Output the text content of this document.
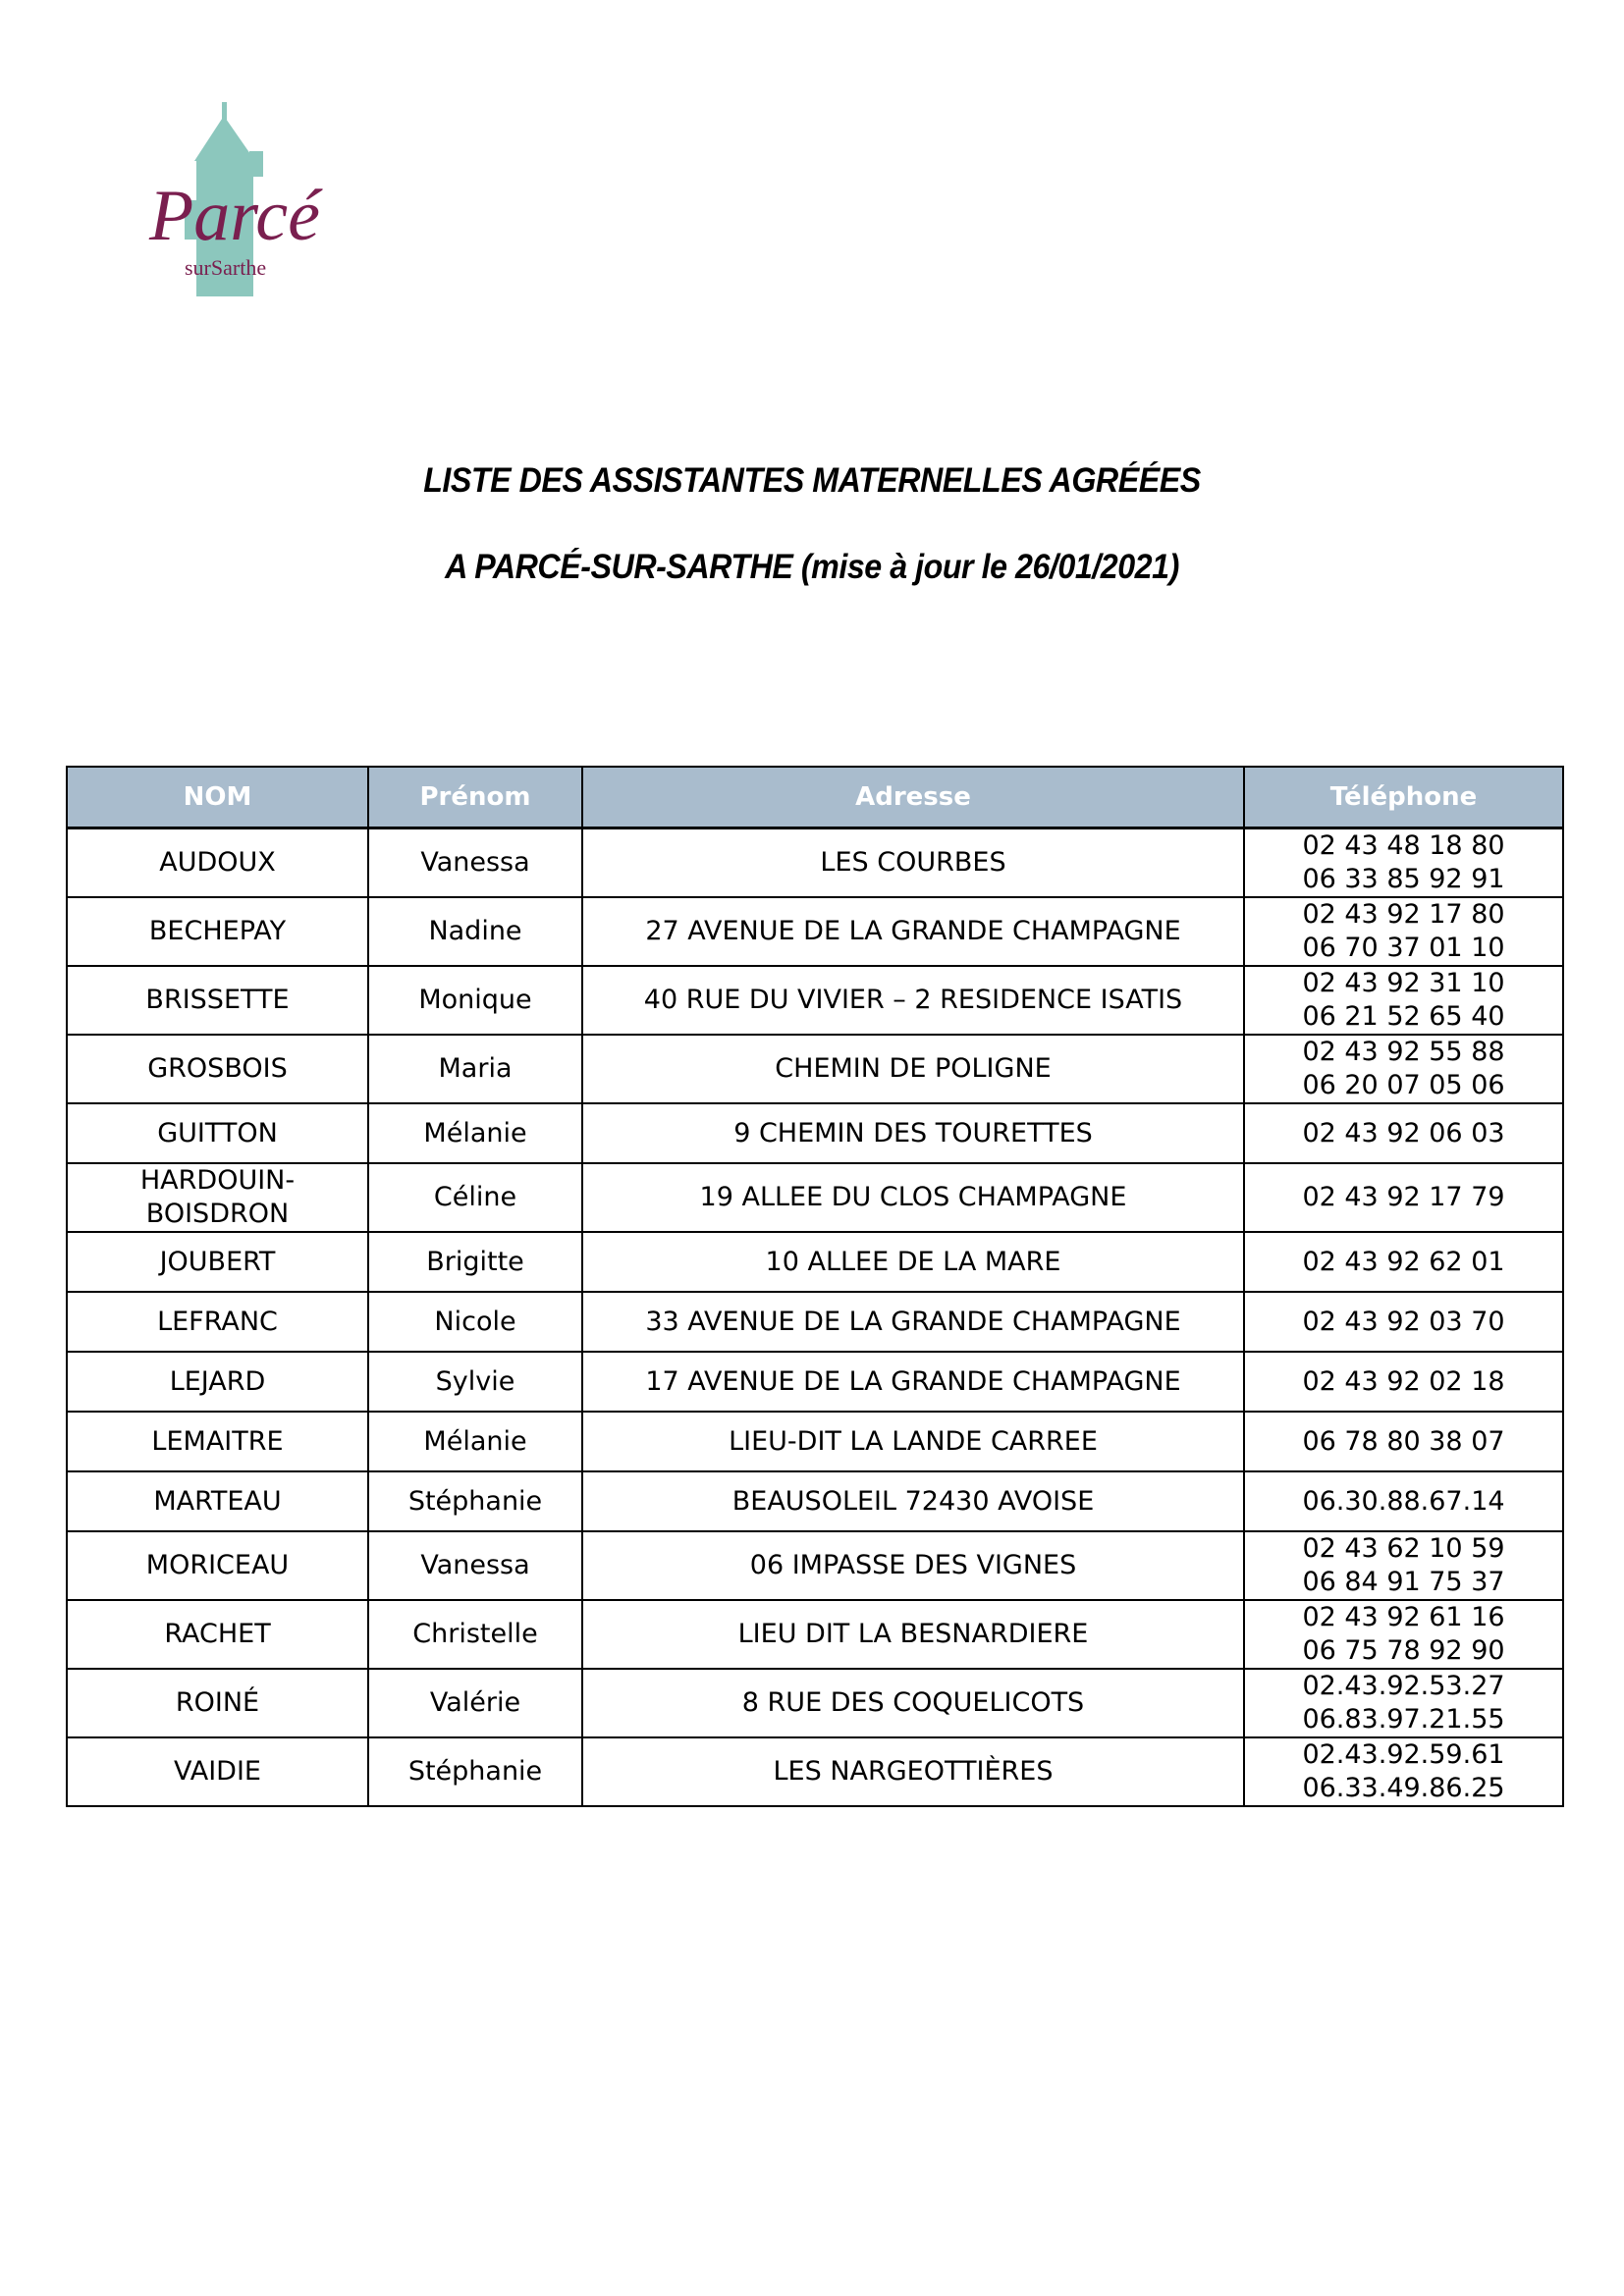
Parcé
surSarthe
LISTE DES ASSISTANTES MATERNELLES AGRÉÉES
A PARCÉ-SUR-SARTHE (mise à jour le 26/01/2021)
NOM	Prénom	Adresse	Téléphone
AUDOUX	Vanessa	LES COURBES	02 43 48 18 80
06 33 85 92 91

BECHEPAY	Nadine	27 AVENUE DE LA GRANDE CHAMPAGNE	02 43 92 17 80
06 70 37 01 10

BRISSETTE	Monique	40 RUE DU VIVIER – 2 RESIDENCE ISATIS	02 43 92 31 10
06 21 52 65 40

GROSBOIS	Maria	CHEMIN DE POLIGNE	02 43 92 55 88
06 20 07 05 06

GUITTON	Mélanie	9 CHEMIN DES TOURETTES	02 43 92 06 03

HARDOUIN-
BOISDRON	Céline	19 ALLEE DU CLOS CHAMPAGNE	02 43 92 17 79

JOUBERT	Brigitte	10 ALLEE DE LA MARE	02 43 92 62 01

LEFRANC	Nicole	33 AVENUE DE LA GRANDE CHAMPAGNE	02 43 92 03 70

LEJARD	Sylvie	17 AVENUE DE LA GRANDE CHAMPAGNE	02 43 92 02 18

LEMAITRE	Mélanie	LIEU-DIT LA LANDE CARREE	06 78 80 38 07

MARTEAU	Stéphanie	BEAUSOLEIL 72430 AVOISE	06.30.88.67.14

MORICEAU	Vanessa	06 IMPASSE DES VIGNES	02 43 62 10 59
06 84 91 75 37

RACHET	Christelle	LIEU DIT LA BESNARDIERE	02 43 92 61 16
06 75 78 92 90

ROINÉ	Valérie	8 RUE DES COQUELICOTS	02.43.92.53.27
06.83.97.21.55

VAIDIE	Stéphanie	LES NARGEOTTIÈRES	02.43.92.59.61
06.33.49.86.25
